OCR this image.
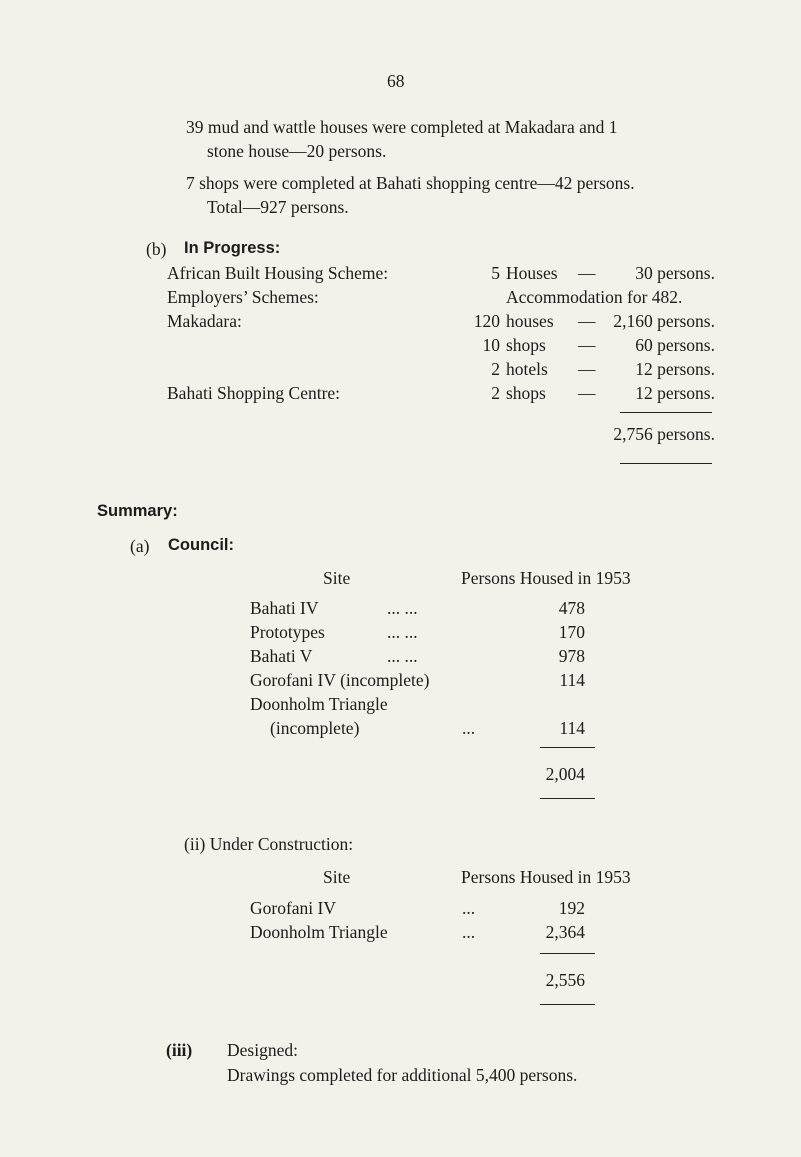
68
39 mud and wattle houses were completed at Makadara and 1
stone house—20 persons.
7 shops were completed at Bahati shopping centre—42 persons.
Total—927 persons.
(b) In Progress:
African Built Housing Scheme:	5 Houses —	30 persons.
Employers’ Schemes:	Accommodation for 482.
Makadara:	120 houses —	2,160 persons.
10 shops —	60 persons.
2 hotels —	12 persons.
Bahati Shopping Centre:	2 shops —	12 persons.
2,756 persons.
Summary:
(a) Council:
Site	Persons Housed in 1953
Bahati IV	... ...	478
Prototypes	... ...	170
Bahati V	... ...	978
Gorofani IV (incomplete)	114
Doonholm Triangle
(incomplete)	...	114
2,004
(ii) Under Construction:
Site	Persons Housed in 1953
Gorofani IV	...	192
Doonholm Triangle	...	2,364
2,556
(iii) Designed:
Drawings completed for additional 5,400 persons.
